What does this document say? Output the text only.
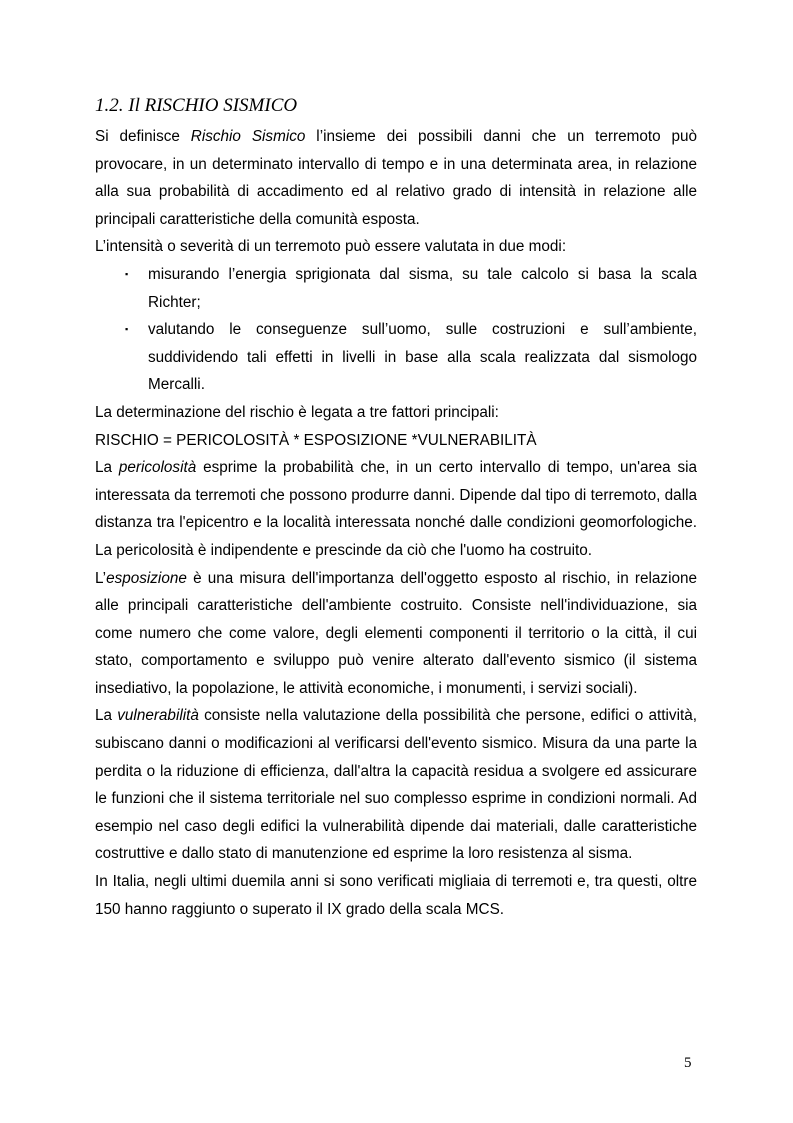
1.2. Il RISCHIO SISMICO

Si definisce Rischio Sismico l’insieme dei possibili danni che un terremoto può provocare, in un determinato intervallo di tempo e in una determinata area, in relazione alla sua probabilità di accadimento ed al relativo grado di intensità in relazione alle principali caratteristiche della comunità esposta.

L’intensità o severità di un terremoto può essere valutata in due modi:

▪ misurando l’energia sprigionata dal sisma, su tale calcolo si basa la scala Richter;
▪ valutando le conseguenze sull’uomo, sulle costruzioni e sull’ambiente, suddividendo tali effetti in livelli in base alla scala realizzata dal sismologo Mercalli.

La determinazione del rischio è legata a tre fattori principali:

RISCHIO = PERICOLOSITÀ * ESPOSIZIONE *VULNERABILITÀ

La pericolosità esprime la probabilità che, in un certo intervallo di tempo, un'area sia interessata da terremoti che possono produrre danni. Dipende dal tipo di terremoto, dalla distanza tra l'epicentro e la località interessata nonché dalle condizioni geomorfologiche. La pericolosità è indipendente e prescinde da ciò che l'uomo ha costruito.

L’esposizione è una misura dell'importanza dell'oggetto esposto al rischio, in relazione alle principali caratteristiche dell'ambiente costruito. Consiste nell'individuazione, sia come numero che come valore, degli elementi componenti il territorio o la città, il cui stato, comportamento e sviluppo può venire alterato dall'evento sismico (il sistema insediativo, la popolazione, le attività economiche, i monumenti, i servizi sociali).

La vulnerabilità consiste nella valutazione della possibilità che persone, edifici o attività, subiscano danni o modificazioni al verificarsi dell'evento sismico. Misura da una parte la perdita o la riduzione di efficienza, dall'altra la capacità residua a svolgere ed assicurare le funzioni che il sistema territoriale nel suo complesso esprime in condizioni normali. Ad esempio nel caso degli edifici la vulnerabilità dipende dai materiali, dalle caratteristiche costruttive e dallo stato di manutenzione ed esprime la loro resistenza al sisma.

In Italia, negli ultimi duemila anni si sono verificati migliaia di terremoti e, tra questi, oltre 150 hanno raggiunto o superato il IX grado della scala MCS.

5
